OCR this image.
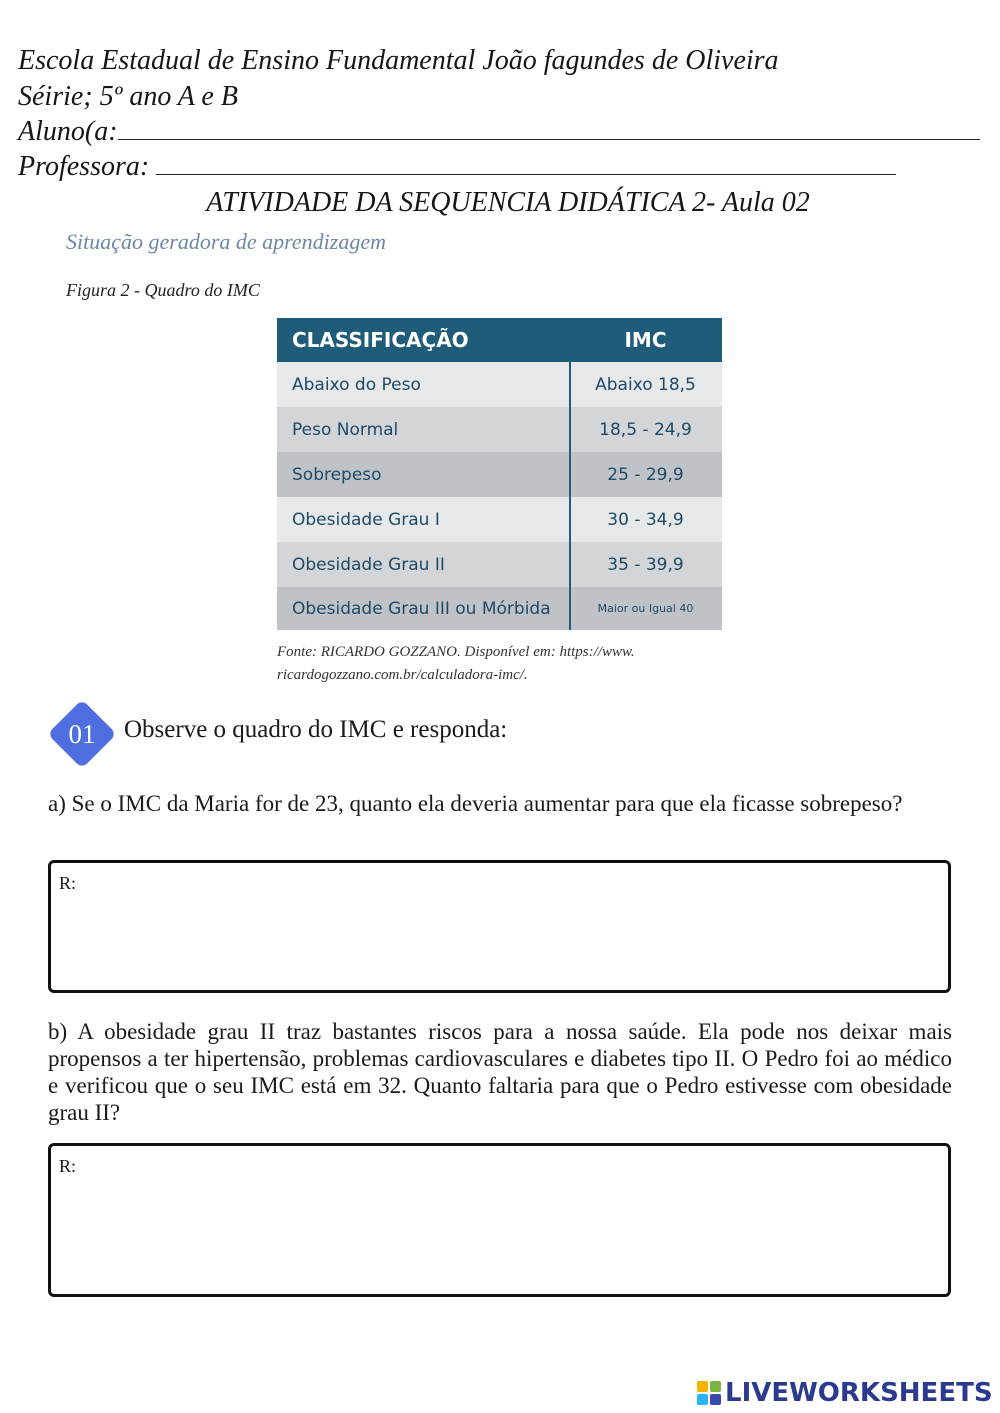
Escola Estadual de Ensino Fundamental João fagundes de Oliveira
Séirie; 5º ano A e B
Aluno(a:
Professora:
ATIVIDADE DA SEQUENCIA DIDÁTICA 2- Aula 02
Situação geradora de aprendizagem
Figura 2 - Quadro do IMC
CLASSIFICAÇÃO	IMC
Abaixo do Peso	Abaixo 18,5
Peso Normal	18,5 - 24,9
Sobrepeso	25 - 29,9
Obesidade Grau I	30 - 34,9
Obesidade Grau II	35 - 39,9
Obesidade Grau III ou Mórbida	Maior ou Igual 40
Fonte: RICARDO GOZZANO. Disponível em: https://www.
ricardogozzano.com.br/calculadora-imc/.
01	Observe o quadro do IMC e responda:
a) Se o IMC da Maria for de 23, quanto ela deveria aumentar para que ela ficasse sobrepeso?
R:
b) A obesidade grau II traz bastantes riscos para a nossa saúde. Ela pode nos deixar mais propensos a ter hipertensão, problemas cardiovasculares e diabetes tipo II. O Pedro foi ao médico e verificou que o seu IMC está em 32. Quanto faltaria para que o Pedro estivesse com obesidade grau II?
R:
LIVEWORKSHEETS
